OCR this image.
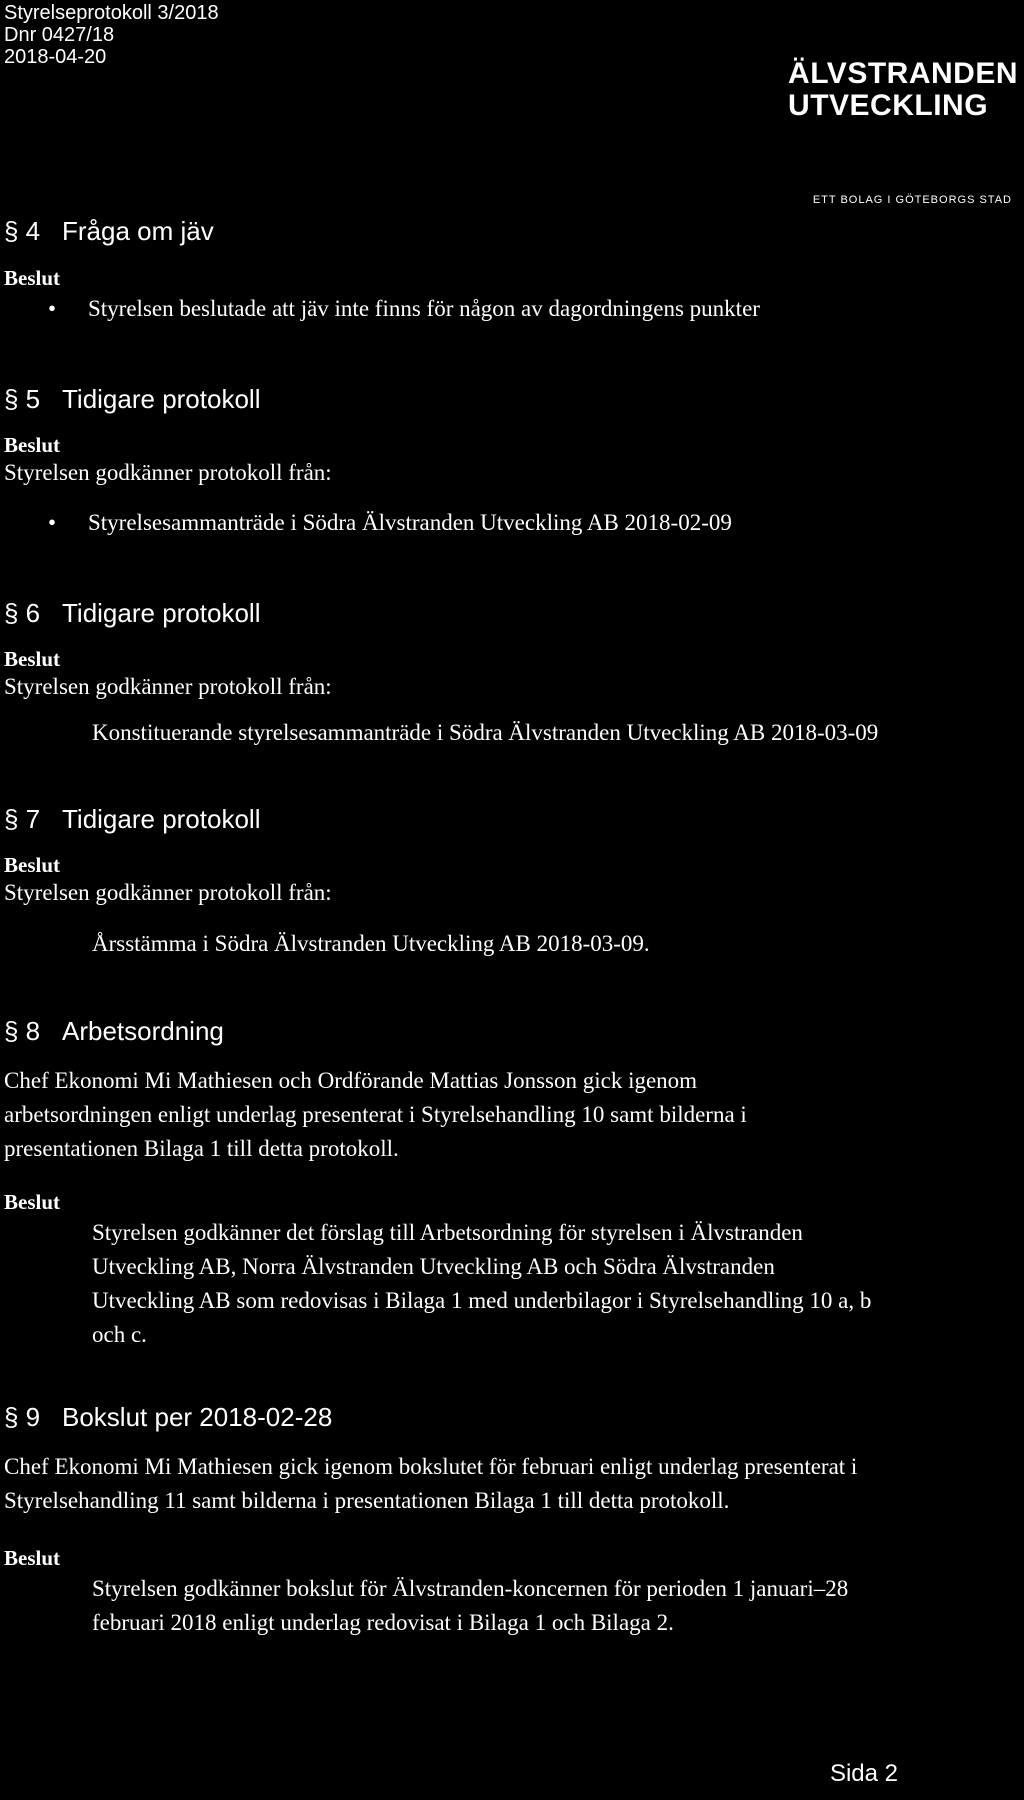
Styrelseprotokoll 3/2018
Dnr 0427/18
2018-04-20	ÄLVSTRANDEN
UTVECKLING
ETT BOLAG I GÖTEBORGS STAD
§ 4 Fråga om jäv
Beslut
• Styrelsen beslutade att jäv inte finns för någon av dagordningens punkter
§ 5 Tidigare protokoll
Beslut
Styrelsen godkänner protokoll från:
• Styrelsesammanträde i Södra Älvstranden Utveckling AB 2018-02-09
§ 6 Tidigare protokoll
Beslut
Styrelsen godkänner protokoll från:
Konstituerande styrelsesammanträde i Södra Älvstranden Utveckling AB 2018-03-09
§ 7 Tidigare protokoll
Beslut
Styrelsen godkänner protokoll från:
Årsstämma i Södra Älvstranden Utveckling AB 2018-03-09.
§ 8 Arbetsordning
Chef Ekonomi Mi Mathiesen och Ordförande Mattias Jonsson gick igenom arbetsordningen enligt underlag presenterat i Styrelsehandling 10 samt bilderna i presentationen Bilaga 1 till detta protokoll.
Beslut
Styrelsen godkänner det förslag till Arbetsordning för styrelsen i Älvstranden Utveckling AB, Norra Älvstranden Utveckling AB och Södra Älvstranden Utveckling AB som redovisas i Bilaga 1 med underbilagor i Styrelsehandling 10 a, b och c.
§ 9 Bokslut per 2018-02-28
Chef Ekonomi Mi Mathiesen gick igenom bokslutet för februari enligt underlag presenterat i Styrelsehandling 11 samt bilderna i presentationen Bilaga 1 till detta protokoll.
Beslut
Styrelsen godkänner bokslut för Älvstranden-koncernen för perioden 1 januari–28 februari 2018 enligt underlag redovisat i Bilaga 1 och Bilaga 2.
Sida 2
